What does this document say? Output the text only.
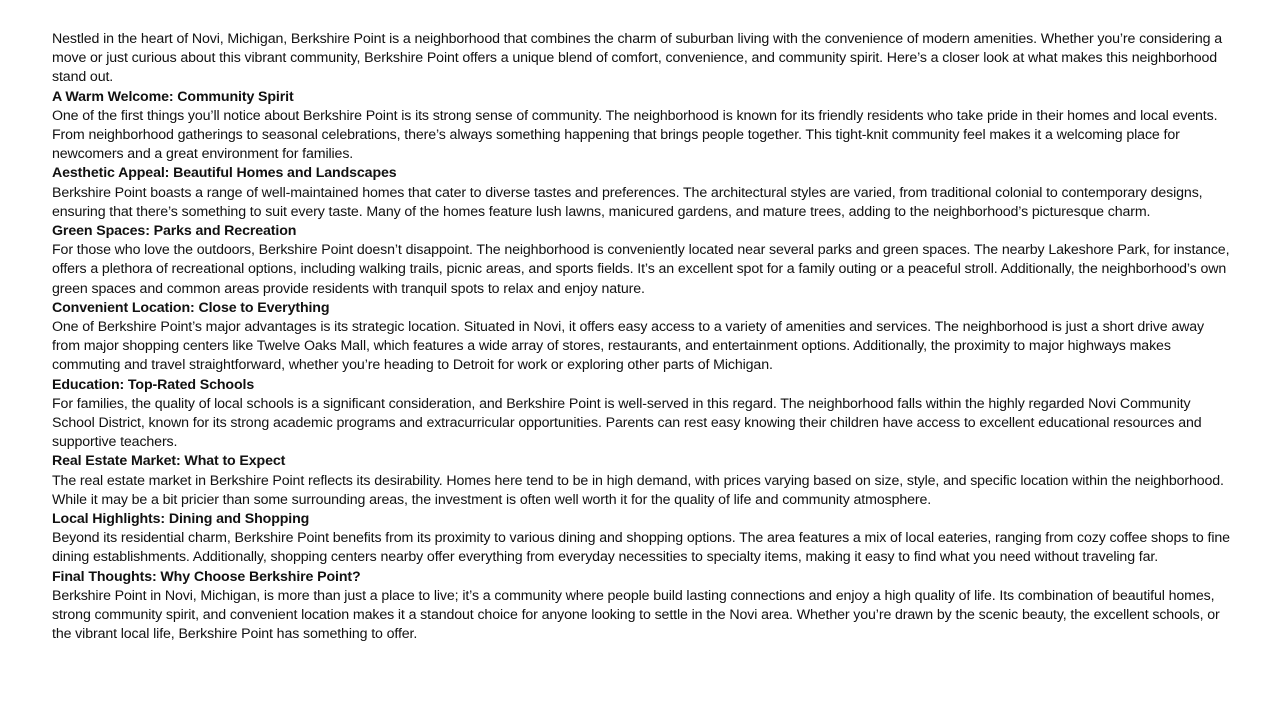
Nestled in the heart of Novi, Michigan, Berkshire Point is a neighborhood that combines the charm of suburban living with the convenience of modern amenities. Whether you’re considering a move or just curious about this vibrant community, Berkshire Point offers a unique blend of comfort, convenience, and community spirit. Here’s a closer look at what makes this neighborhood stand out.

A Warm Welcome: Community Spirit

One of the first things you’ll notice about Berkshire Point is its strong sense of community. The neighborhood is known for its friendly residents who take pride in their homes and local events. From neighborhood gatherings to seasonal celebrations, there’s always something happening that brings people together. This tight-knit community feel makes it a welcoming place for newcomers and a great environment for families.

Aesthetic Appeal: Beautiful Homes and Landscapes

Berkshire Point boasts a range of well-maintained homes that cater to diverse tastes and preferences. The architectural styles are varied, from traditional colonial to contemporary designs, ensuring that there’s something to suit every taste. Many of the homes feature lush lawns, manicured gardens, and mature trees, adding to the neighborhood’s picturesque charm.

Green Spaces: Parks and Recreation

For those who love the outdoors, Berkshire Point doesn’t disappoint. The neighborhood is conveniently located near several parks and green spaces. The nearby Lakeshore Park, for instance, offers a plethora of recreational options, including walking trails, picnic areas, and sports fields. It’s an excellent spot for a family outing or a peaceful stroll. Additionally, the neighborhood’s own green spaces and common areas provide residents with tranquil spots to relax and enjoy nature.

Convenient Location: Close to Everything

One of Berkshire Point’s major advantages is its strategic location. Situated in Novi, it offers easy access to a variety of amenities and services. The neighborhood is just a short drive away from major shopping centers like Twelve Oaks Mall, which features a wide array of stores, restaurants, and entertainment options. Additionally, the proximity to major highways makes commuting and travel straightforward, whether you’re heading to Detroit for work or exploring other parts of Michigan.

Education: Top-Rated Schools

For families, the quality of local schools is a significant consideration, and Berkshire Point is well-served in this regard. The neighborhood falls within the highly regarded Novi Community School District, known for its strong academic programs and extracurricular opportunities. Parents can rest easy knowing their children have access to excellent educational resources and supportive teachers.

Real Estate Market: What to Expect

The real estate market in Berkshire Point reflects its desirability. Homes here tend to be in high demand, with prices varying based on size, style, and specific location within the neighborhood. While it may be a bit pricier than some surrounding areas, the investment is often well worth it for the quality of life and community atmosphere.

Local Highlights: Dining and Shopping

Beyond its residential charm, Berkshire Point benefits from its proximity to various dining and shopping options. The area features a mix of local eateries, ranging from cozy coffee shops to fine dining establishments. Additionally, shopping centers nearby offer everything from everyday necessities to specialty items, making it easy to find what you need without traveling far.

Final Thoughts: Why Choose Berkshire Point?

Berkshire Point in Novi, Michigan, is more than just a place to live; it’s a community where people build lasting connections and enjoy a high quality of life. Its combination of beautiful homes, strong community spirit, and convenient location makes it a standout choice for anyone looking to settle in the Novi area. Whether you’re drawn by the scenic beauty, the excellent schools, or the vibrant local life, Berkshire Point has something to offer.
